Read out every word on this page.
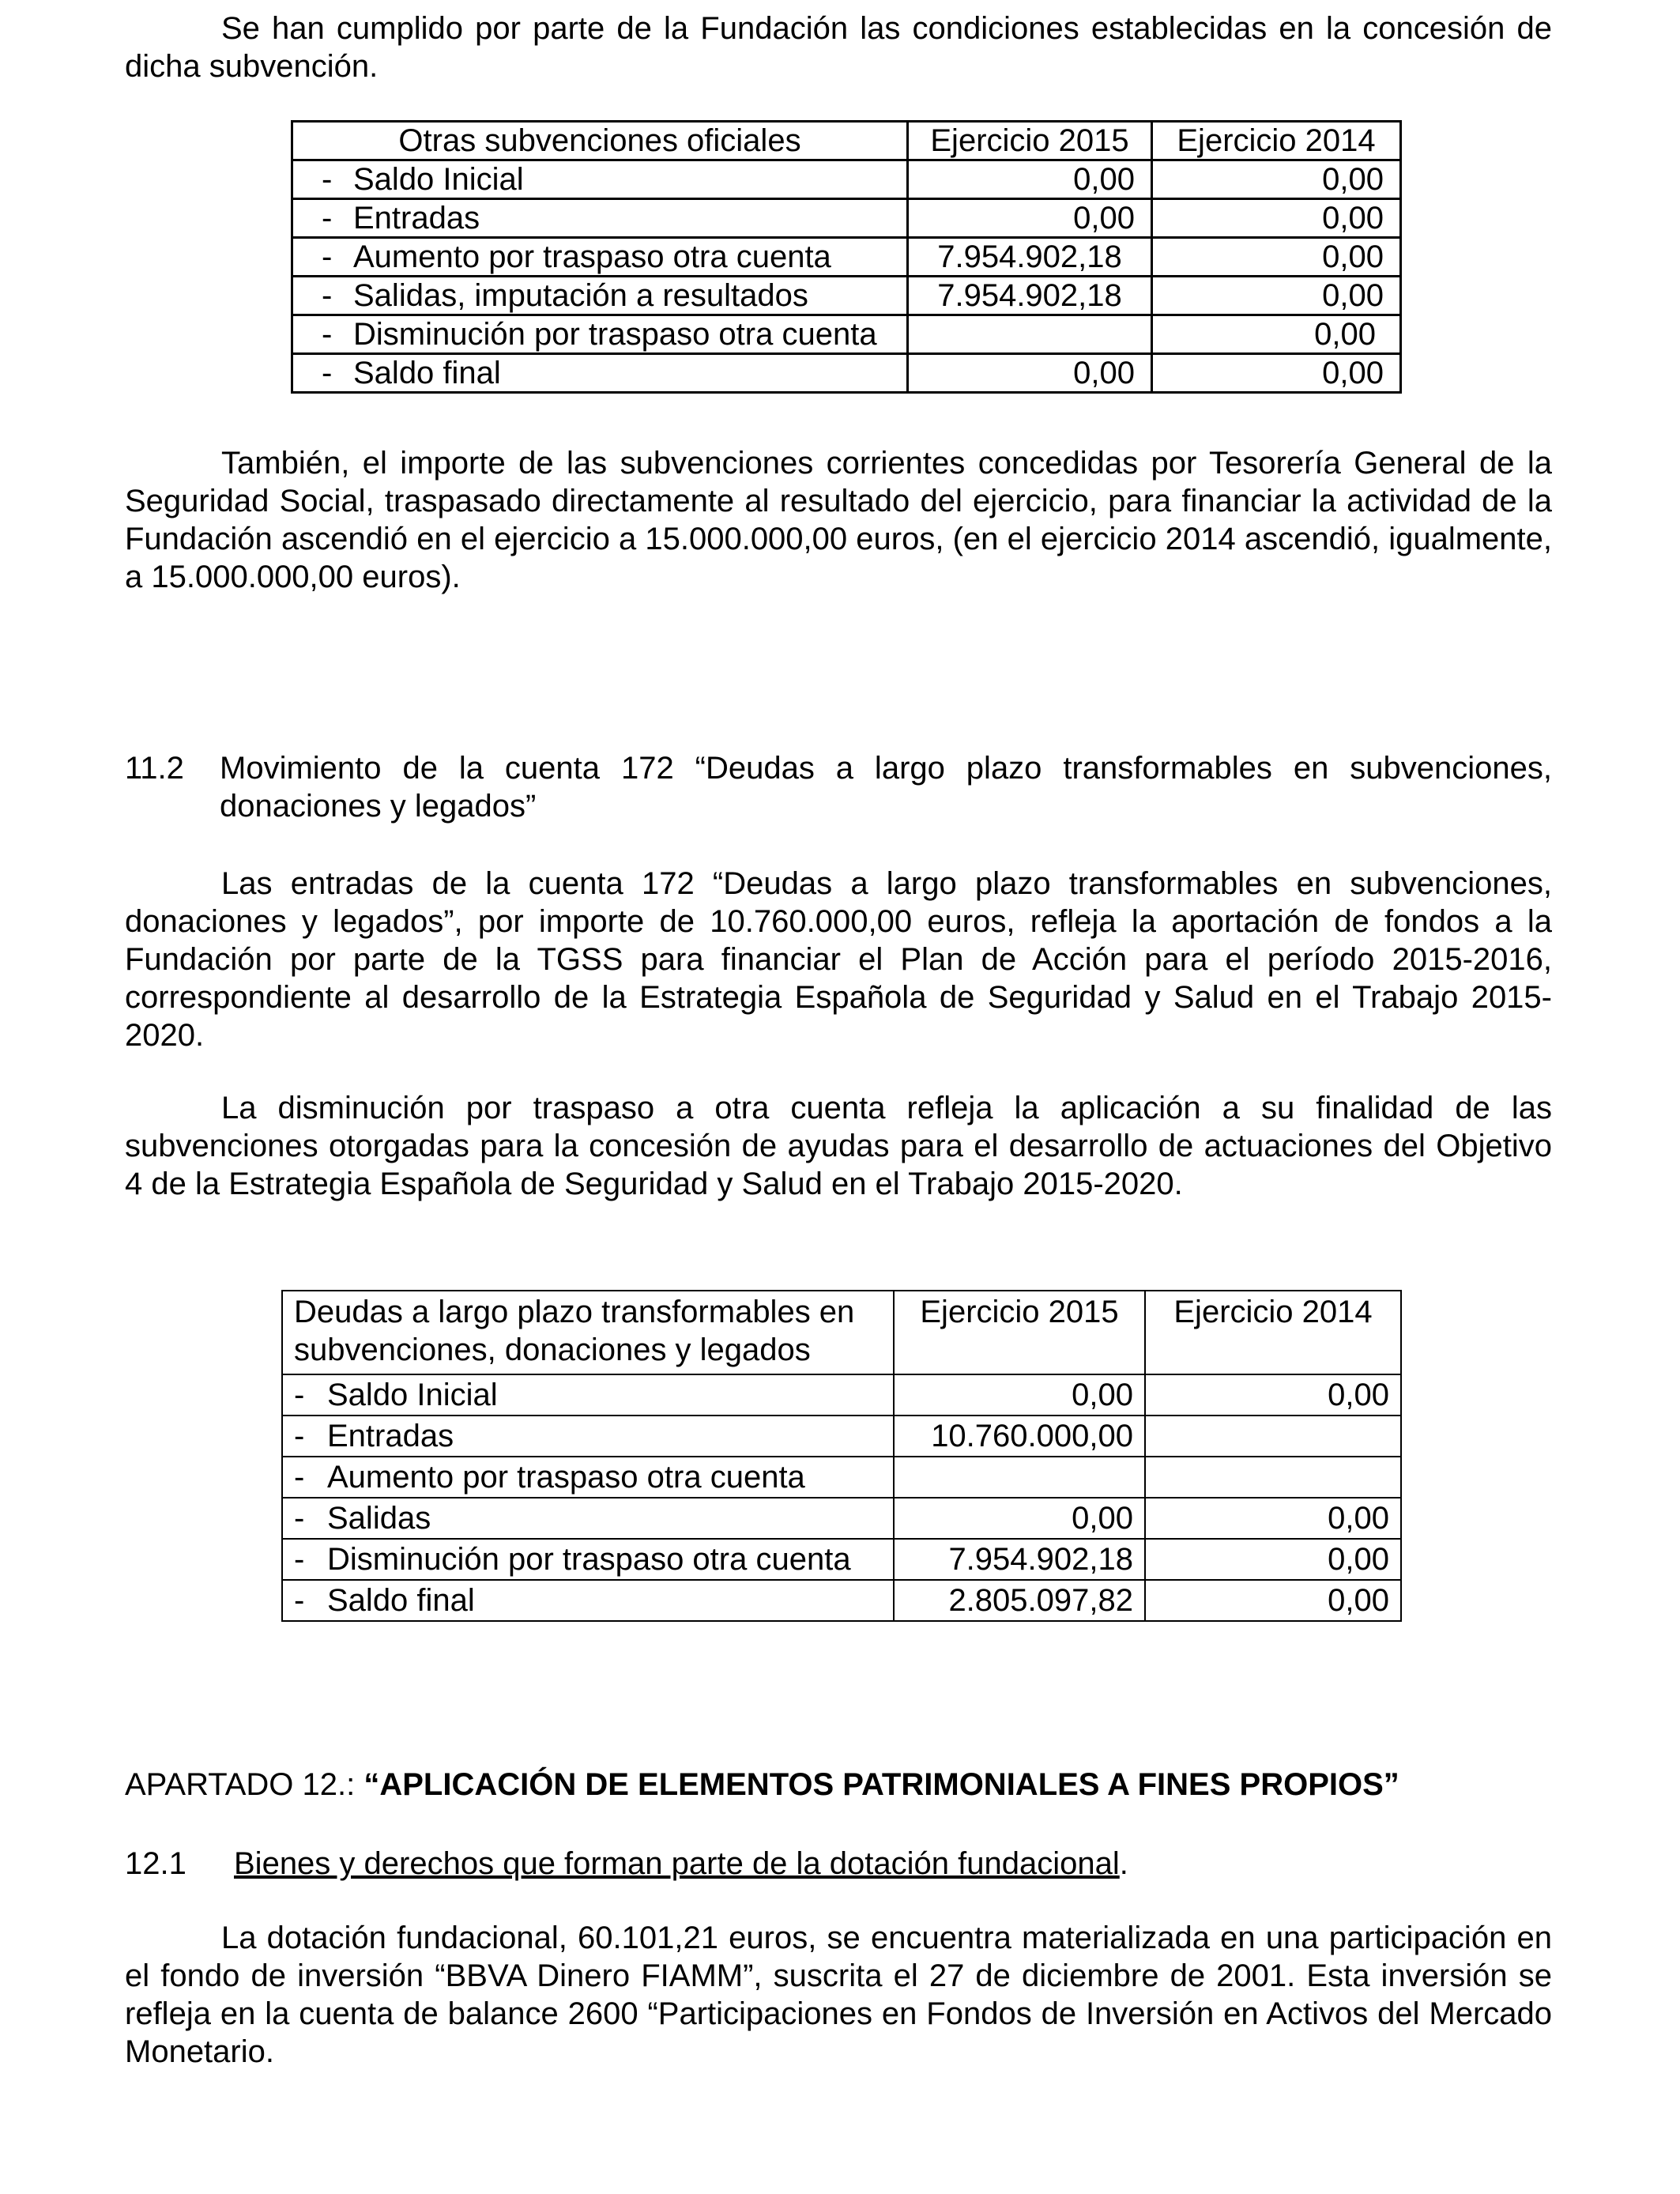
Se han cumplido por parte de la Fundación las condiciones establecidas en la concesión de dicha subvención.

Otras subvenciones oficiales	Ejercicio 2015	Ejercicio 2014
- Saldo Inicial	0,00	0,00
- Entradas	0,00	0,00
- Aumento por traspaso otra cuenta	7.954.902,18	0,00
- Salidas, imputación a resultados	7.954.902,18	0,00
- Disminución por traspaso otra cuenta		0,00
- Saldo final	0,00	0,00

También, el importe de las subvenciones corrientes concedidas por Tesorería General de la Seguridad Social, traspasado directamente al resultado del ejercicio, para financiar la actividad de la Fundación ascendió en el ejercicio a 15.000.000,00 euros, (en el ejercicio 2014 ascendió, igualmente, a 15.000.000,00 euros).

11.2 Movimiento de la cuenta 172 “Deudas a largo plazo transformables en subvenciones, donaciones y legados”

Las entradas de la cuenta 172 “Deudas a largo plazo transformables en subvenciones, donaciones y legados”, por importe de 10.760.000,00 euros, refleja la aportación de fondos a la Fundación por parte de la TGSS para financiar el Plan de Acción para el período 2015-2016, correspondiente al desarrollo de la Estrategia Española de Seguridad y Salud en el Trabajo 2015-2020.

La disminución por traspaso a otra cuenta refleja la aplicación a su finalidad de las subvenciones otorgadas para la concesión de ayudas para el desarrollo de actuaciones del Objetivo 4 de la Estrategia Española de Seguridad y Salud en el Trabajo 2015-2020.

Deudas a largo plazo transformables en subvenciones, donaciones y legados	Ejercicio 2015	Ejercicio 2014
- Saldo Inicial	0,00	0,00
- Entradas	10.760.000,00	
- Aumento por traspaso otra cuenta		
- Salidas	0,00	0,00
- Disminución por traspaso otra cuenta	7.954.902,18	0,00
- Saldo final	2.805.097,82	0,00
APARTADO 12.: “APLICACIÓN DE ELEMENTOS PATRIMONIALES A FINES PROPIOS”
12.1 Bienes y derechos que forman parte de la dotación fundacional.

La dotación fundacional, 60.101,21 euros, se encuentra materializada en una participación en el fondo de inversión “BBVA Dinero FIAMM”, suscrita el 27 de diciembre de 2001. Esta inversión se refleja en la cuenta de balance 2600 “Participaciones en Fondos de Inversión en Activos del Mercado Monetario.
